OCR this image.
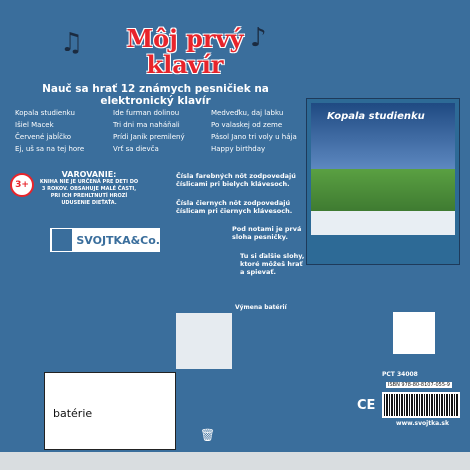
♫	♪
Môj prvý klavír
Nauč sa hrať 12 známych pesničiek na elektronický klavír
Kopala studienku	Ide furman dolinou	Medveďku, daj labku
Išiel Macek	Tri dni ma naháňali	Po valaskej od zeme
Červené jabĺčko	Prídi Janík premilený	Pásol Jano tri voly u hája
Ej, uš sa na tej hore	Vrť sa dievča	Happy birthday
3+
VAROVANIE:
KNIHA NIE JE URČENÁ PRE DETI DO 3 ROKOV. OBSAHUJE MALÉ ČASTI, PRI ICH PREHLTNUTÍ HROZÍ UDUSENIE DIEŤAŤA.
SVOJTKA&Co.
batérie
Kopala studienku
Čísla farebných nôt zodpovedajú číslicami pri bielych klávesoch.
Čísla čiernych nôt zodpovedajú číslicam pri čiernych klávesoch.
Pod notami je prvá sloha pesničky.
Tu si ďalšie slohy, ktoré môžeš hrať a spievať.
Výmena batérií
PCT 34008
ISBN 978-80-8107-055-9
www.svojtka.sk
CE
🗑
